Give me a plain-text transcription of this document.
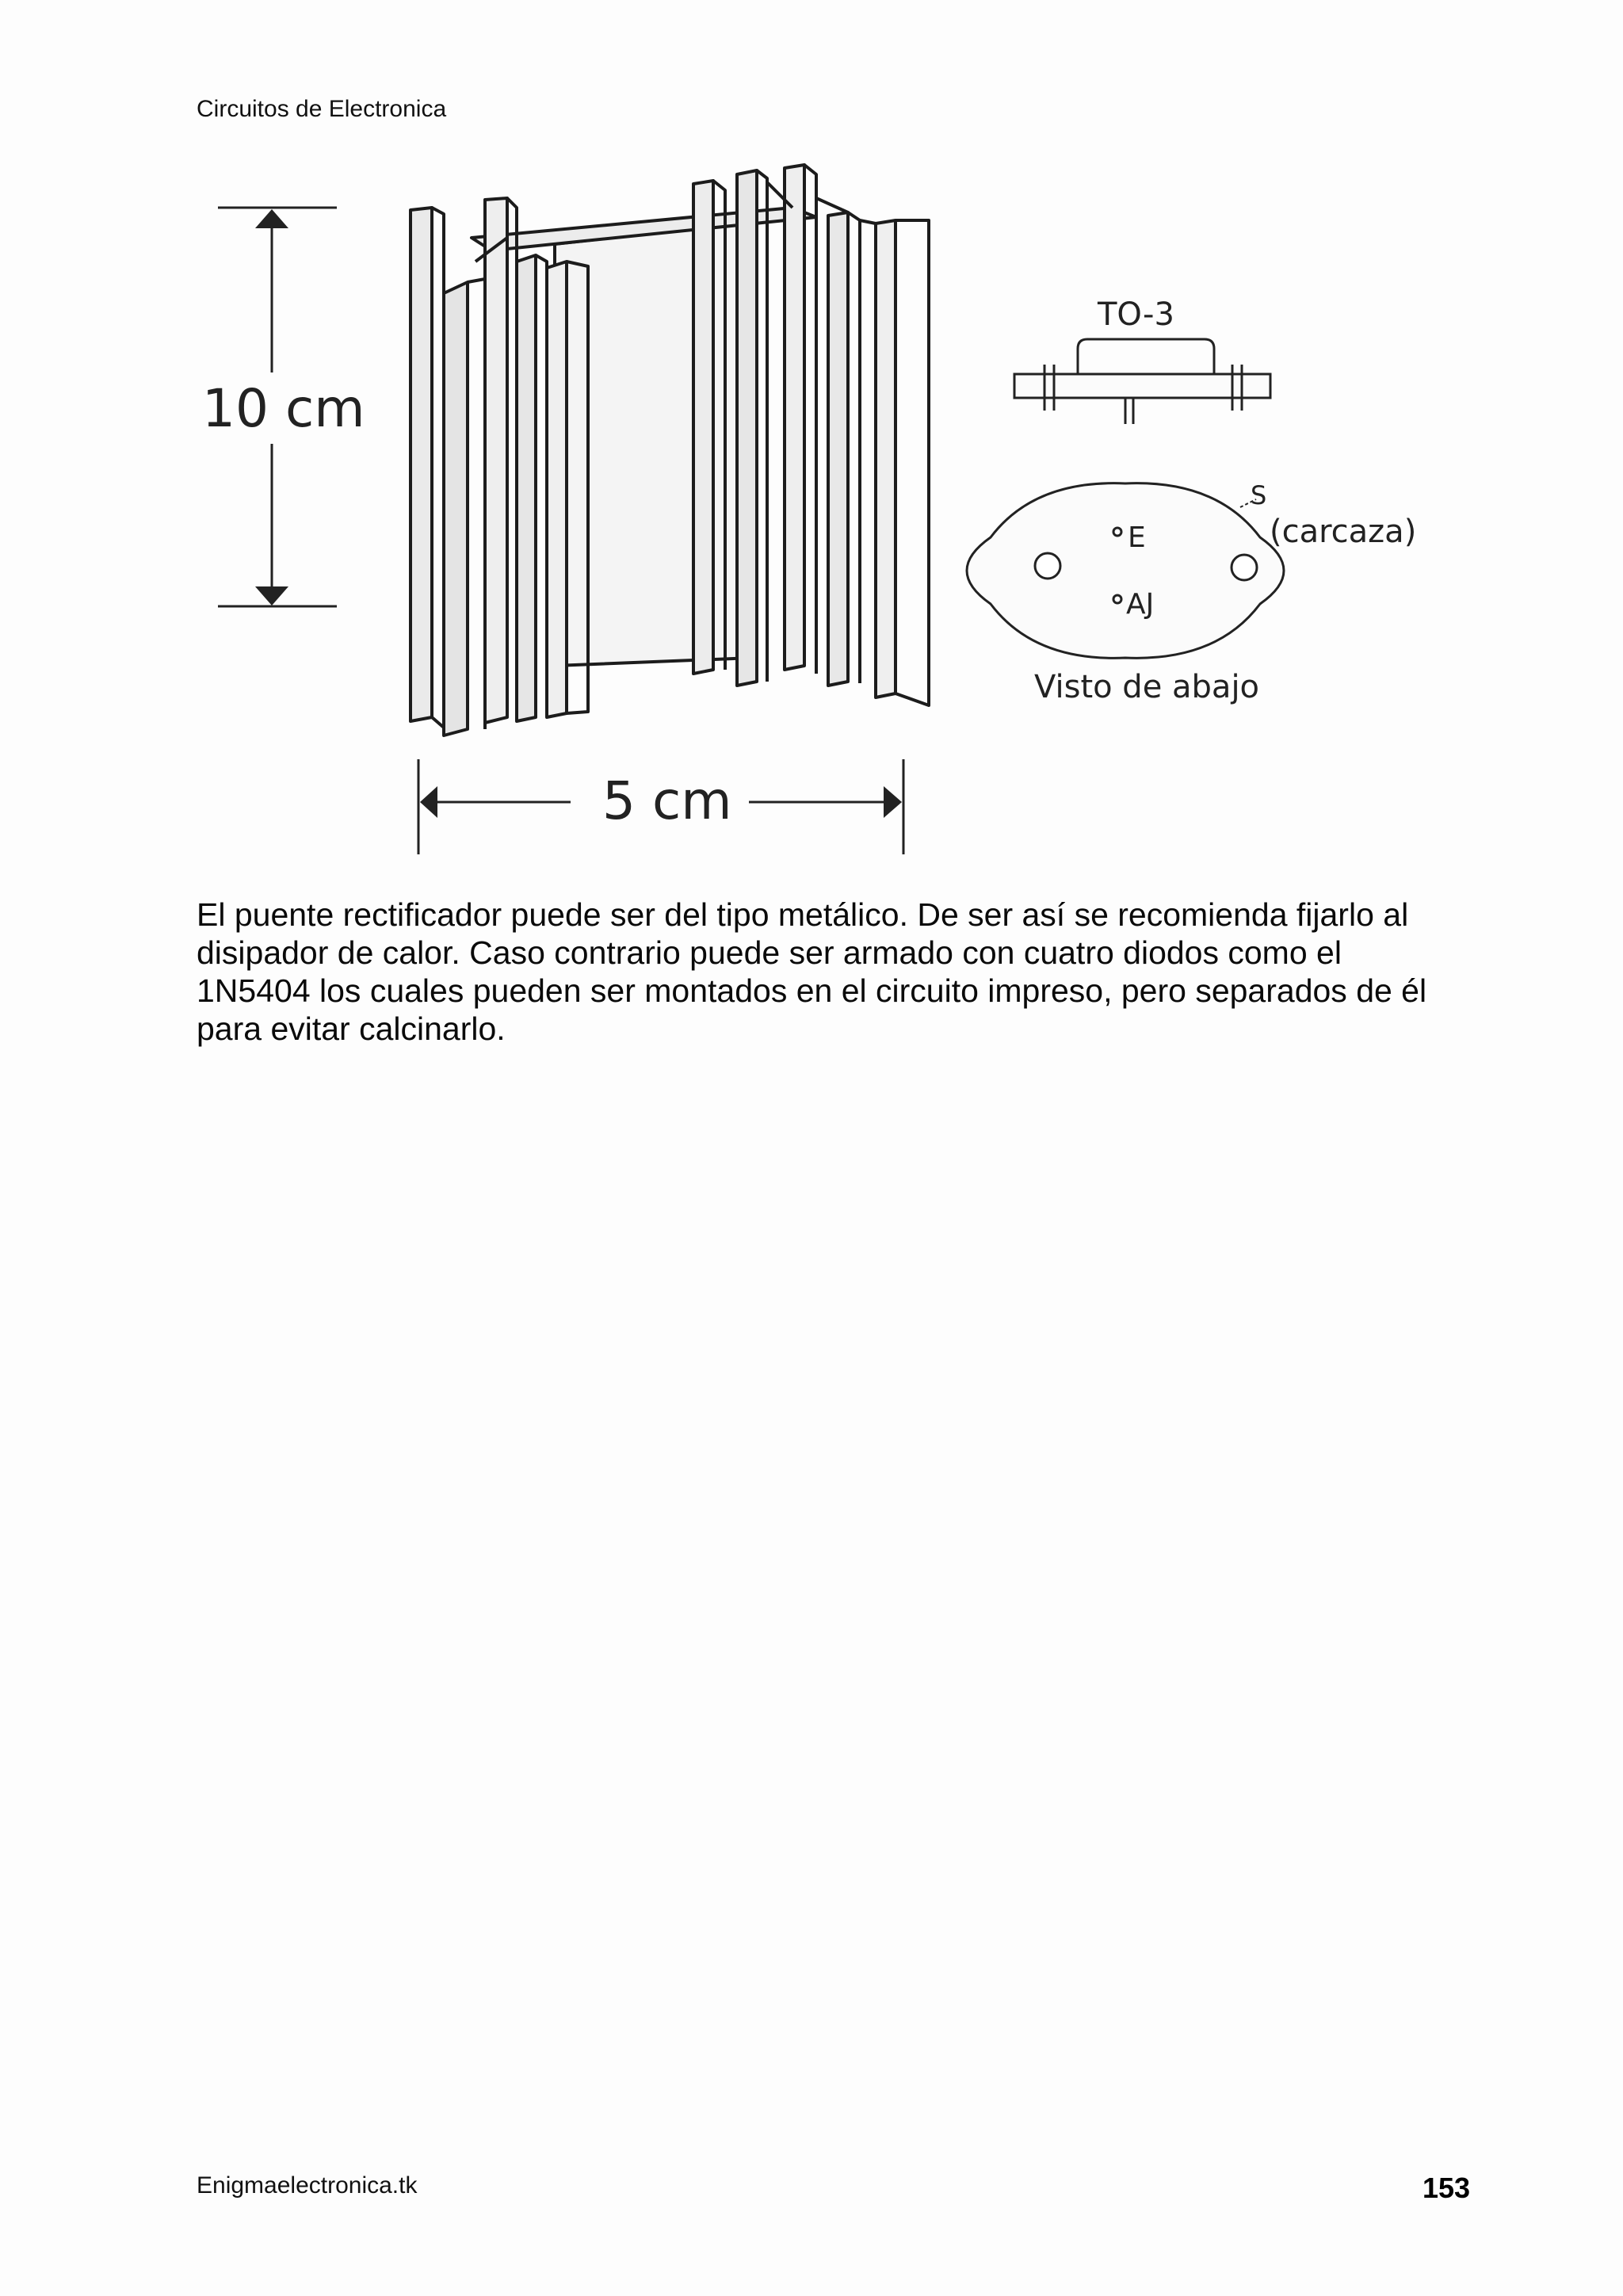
Circuitos de Electronica
10 cm
5 cm
TO-3
E
AJ
S
(carcaza)
Visto de abajo
El puente rectificador puede ser del tipo metálico. De ser así se recomienda fijarlo al
disipador de calor. Caso contrario puede ser armado con cuatro diodos como el
1N5404 los cuales pueden ser montados en el circuito impreso, pero separados de él
para evitar calcinarlo.
Enigmaelectronica.tk	153
